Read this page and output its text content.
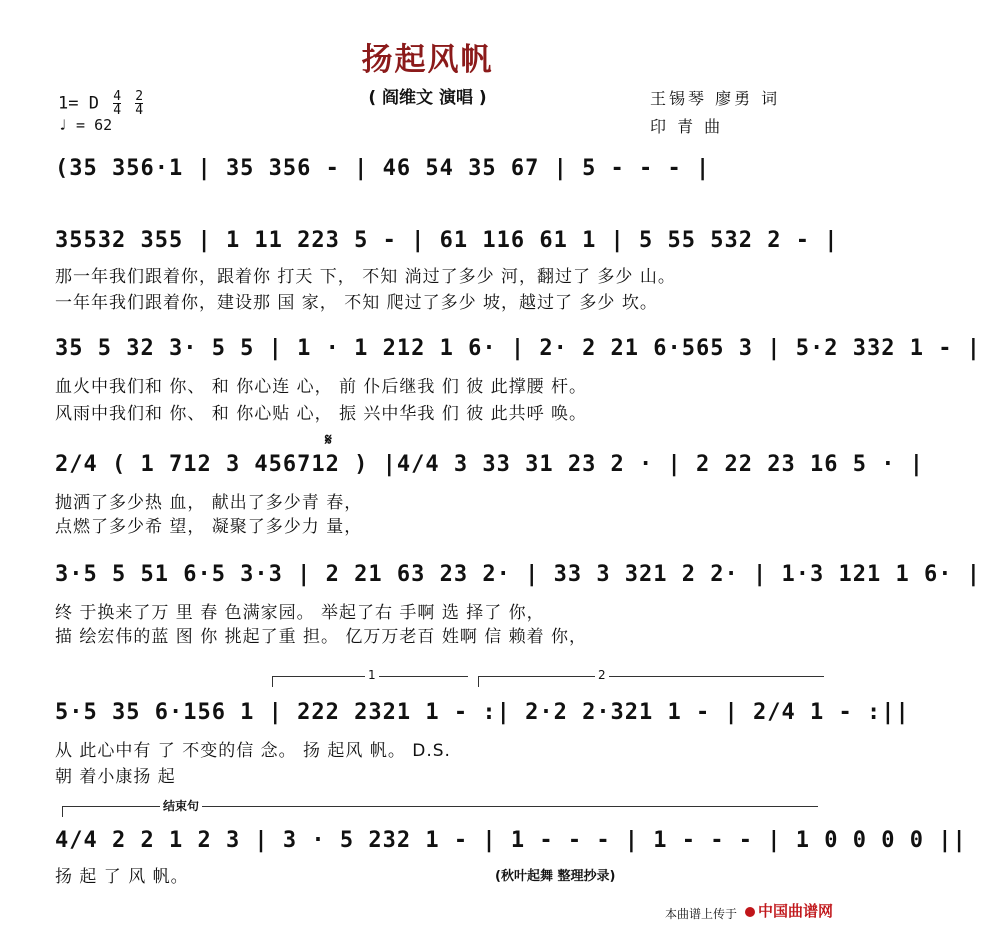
扬起风帆
( 阎维文 演唱 )
1= D $\frac{4}{4}$
$\frac{2}{4}$
♩ = 62
王锡琴 廖勇 词
印 青 曲
(35 356·1 | 35 356 - | 46 54 35 67 | 5 - - - |
35532 355 | 1 11 223 5 - | 61 116 61 1 | 5 55 532 2 - |
那一年我们跟着你，跟着你 打天 下， 不知 淌过了多少 河，翻过了 多少 山。
一年年我们跟着你，建设那 国 家， 不知 爬过了多少 坡，越过了 多少 坎。
35 5 32 3· 5 5 | 1 · 1 212 1 6· | 2· 2 21 6·565 3 | 5·2 332 1 - |
血火中我们和 你、 和 你心连 心， 前 仆后继我 们 彼 此撑腰 杆。
风雨中我们和 你、 和 你心贴 心， 振 兴中华我 们 彼 此共呼 唤。
𝄋
2/4 ( 1 712 3 456712 ) |4/4 3 33 31 23 2 · | 2 22 23 16 5 · |
抛洒了多少热 血， 献出了多少青 春，
点燃了多少希 望， 凝聚了多少力 量，
3·5 5 51 6·5 3·3 | 2 21 63 23 2· | 33 3 321 2 2· | 1·3 121 1 6· |
终 于换来了万 里 春 色满家园。 举起了右 手啊 选 择了 你，
描 绘宏伟的蓝 图 你 挑起了重 担。 亿万万老百 姓啊 信 赖着 你，
1	2
5·5 35 6·156 1 | 222 2321 1 - :| 2·2 2·321 1 - | 2/4 1 - :||
从 此心中有 了 不变的信 念。 扬 起风 帆。 D.S.
朝 着小康扬 起
结束句
4/4 2 2 1 2 3 | 3 · 5 232 1 - | 1 - - - | 1 - - - | 1 0 0 0 0 ||
扬 起 了 风 帆。	(秋叶起舞 整理抄录)
本曲谱上传于	中国曲谱网
